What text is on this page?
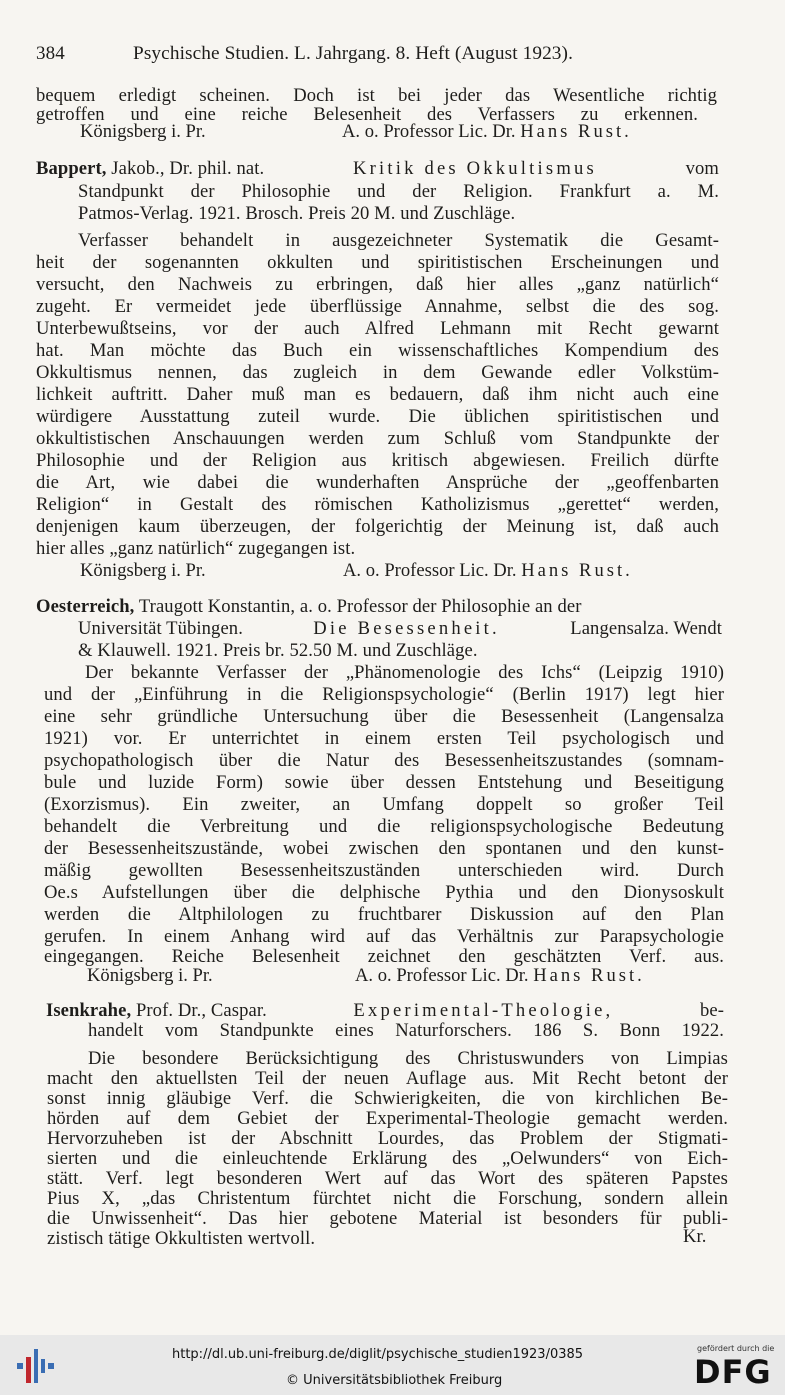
384	Psychische Studien. L. Jahrgang. 8. Heft (August 1923).
bequem erledigt scheinen. Doch ist bei jeder das Wesentliche richtig
getroffen und eine reiche Belesenheit des Verfassers zu erkennen.
Königsberg i. Pr.	A. o. Professor Lic. Dr. Hans Rust.
Bappert, Jakob., Dr. phil. nat.	Kritik des Okkultismus	vom
Standpunkt der Philosophie und der Religion. Frankfurt a. M.
Patmos-Verlag. 1921. Brosch. Preis 20 M. und Zuschläge.
Verfasser behandelt in ausgezeichneter Systematik die Gesamt-
heit der sogenannten okkulten und spiritistischen Erscheinungen und
versucht, den Nachweis zu erbringen, daß hier alles „ganz natürlich“
zugeht. Er vermeidet jede überflüssige Annahme, selbst die des sog.
Unterbewußtseins, vor der auch Alfred Lehmann mit Recht gewarnt
hat. Man möchte das Buch ein wissenschaftliches Kompendium des
Okkultismus nennen, das zugleich in dem Gewande edler Volkstüm-
lichkeit auftritt. Daher muß man es bedauern, daß ihm nicht auch eine
würdigere Ausstattung zuteil wurde. Die üblichen spiritistischen und
okkultistischen Anschauungen werden zum Schluß vom Standpunkte der
Philosophie und der Religion aus kritisch abgewiesen. Freilich dürfte
die Art, wie dabei die wunderhaften Ansprüche der „geoffenbarten
Religion“ in Gestalt des römischen Katholizismus „gerettet“ werden,
denjenigen kaum überzeugen, der folgerichtig der Meinung ist, daß auch
hier alles „ganz natürlich“ zugegangen ist.
Königsberg i. Pr.	A. o. Professor Lic. Dr. Hans Rust.
Oesterreich, Traugott Konstantin, a. o. Professor der Philosophie an der
Universität Tübingen.	Die Besessenheit.	Langensalza. Wendt
& Klauwell. 1921. Preis br. 52.50 M. und Zuschläge.
Der bekannte Verfasser der „Phänomenologie des Ichs“ (Leipzig 1910)
und der „Einführung in die Religionspsychologie“ (Berlin 1917) legt hier
eine sehr gründliche Untersuchung über die Besessenheit (Langensalza
1921) vor. Er unterrichtet in einem ersten Teil psychologisch und
psychopathologisch über die Natur des Besessenheitszustandes (somnam-
bule und luzide Form) sowie über dessen Entstehung und Beseitigung
(Exorzismus). Ein zweiter, an Umfang doppelt so großer Teil
behandelt die Verbreitung und die religionspsychologische Bedeutung
der Besessenheitszustände, wobei zwischen den spontanen und den kunst-
mäßig gewollten Besessenheitszuständen unterschieden wird. Durch
Oe.s Aufstellungen über die delphische Pythia und den Dionysoskult
werden die Altphilologen zu fruchtbarer Diskussion auf den Plan
gerufen. In einem Anhang wird auf das Verhältnis zur Parapsychologie
eingegangen. Reiche Belesenheit zeichnet den geschätzten Verf. aus.
Königsberg i. Pr.	A. o. Professor Lic. Dr. Hans Rust.
Isenkrahe, Prof. Dr., Caspar.	Experimental-Theologie,	be-
handelt vom Standpunkte eines Naturforschers. 186 S. Bonn 1922.
Die besondere Berücksichtigung des Christuswunders von Limpias
macht den aktuellsten Teil der neuen Auflage aus. Mit Recht betont der
sonst innig gläubige Verf. die Schwierigkeiten, die von kirchlichen Be-
hörden auf dem Gebiet der Experimental-Theologie gemacht werden.
Hervorzuheben ist der Abschnitt Lourdes, das Problem der Stigmati-
sierten und die einleuchtende Erklärung des „Oelwunders“ von Eich-
stätt. Verf. legt besonderen Wert auf das Wort des späteren Papstes
Pius X, „das Christentum fürchtet nicht die Forschung, sondern allein
die Unwissenheit“. Das hier gebotene Material ist besonders für publi-
zistisch tätige Okkultisten wertvoll.	Kr.
http://dl.ub.uni-freiburg.de/diglit/psychische_studien1923/0385
© Universitätsbibliothek Freiburg
gefördert durch die
DFG
